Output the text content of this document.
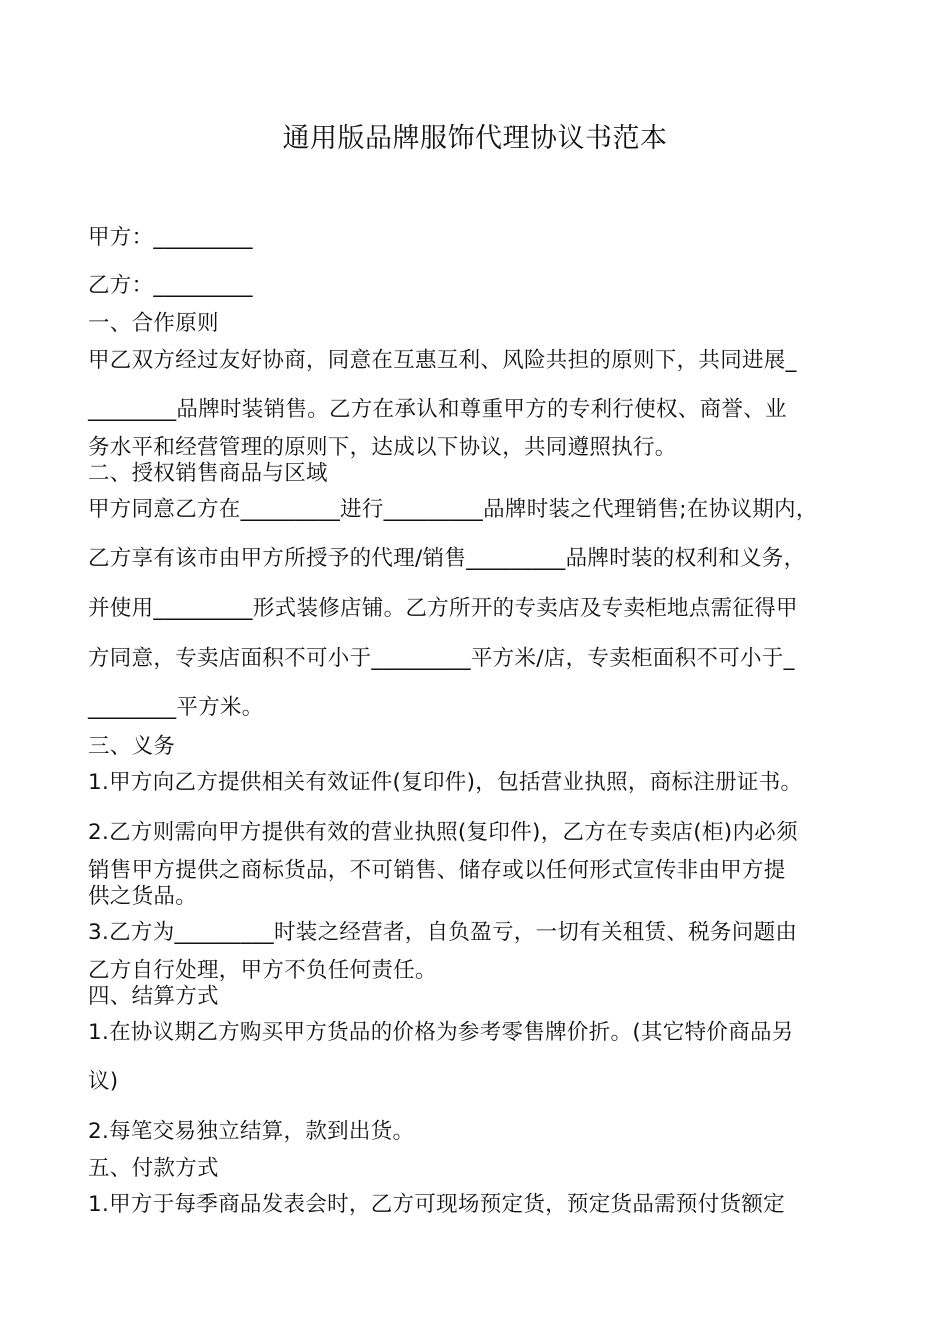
通用版品牌服饰代理协议书范本
甲方：_________
乙方：_________
一、合作原则
甲乙双方经过友好协商，同意在互惠互利、风险共担的原则下，共同进展_
________品牌时装销售。乙方在承认和尊重甲方的专利行使权、商誉、业
务水平和经营管理的原则下，达成以下协议，共同遵照执行。
二、授权销售商品与区域
甲方同意乙方在_________进行_________品牌时装之代理销售;在协议期内，
乙方享有该市由甲方所授予的代理/销售_________品牌时装的权利和义务，
并使用_________形式装修店铺。乙方所开的专卖店及专卖柜地点需征得甲
方同意，专卖店面积不可小于_________平方米/店，专卖柜面积不可小于_
________平方米。
三、义务
1.甲方向乙方提供相关有效证件(复印件)，包括营业执照，商标注册证书。
2.乙方则需向甲方提供有效的营业执照(复印件)，乙方在专卖店(柜)内必须
销售甲方提供之商标货品，不可销售、储存或以任何形式宣传非由甲方提
供之货品。
3.乙方为_________时装之经营者，自负盈亏，一切有关租赁、税务问题由
乙方自行处理，甲方不负任何责任。
四、结算方式
1.在协议期乙方购买甲方货品的价格为参考零售牌价折。(其它特价商品另
议)
2.每笔交易独立结算，款到出货。
五、付款方式
1.甲方于每季商品发表会时，乙方可现场预定货，预定货品需预付货额定
